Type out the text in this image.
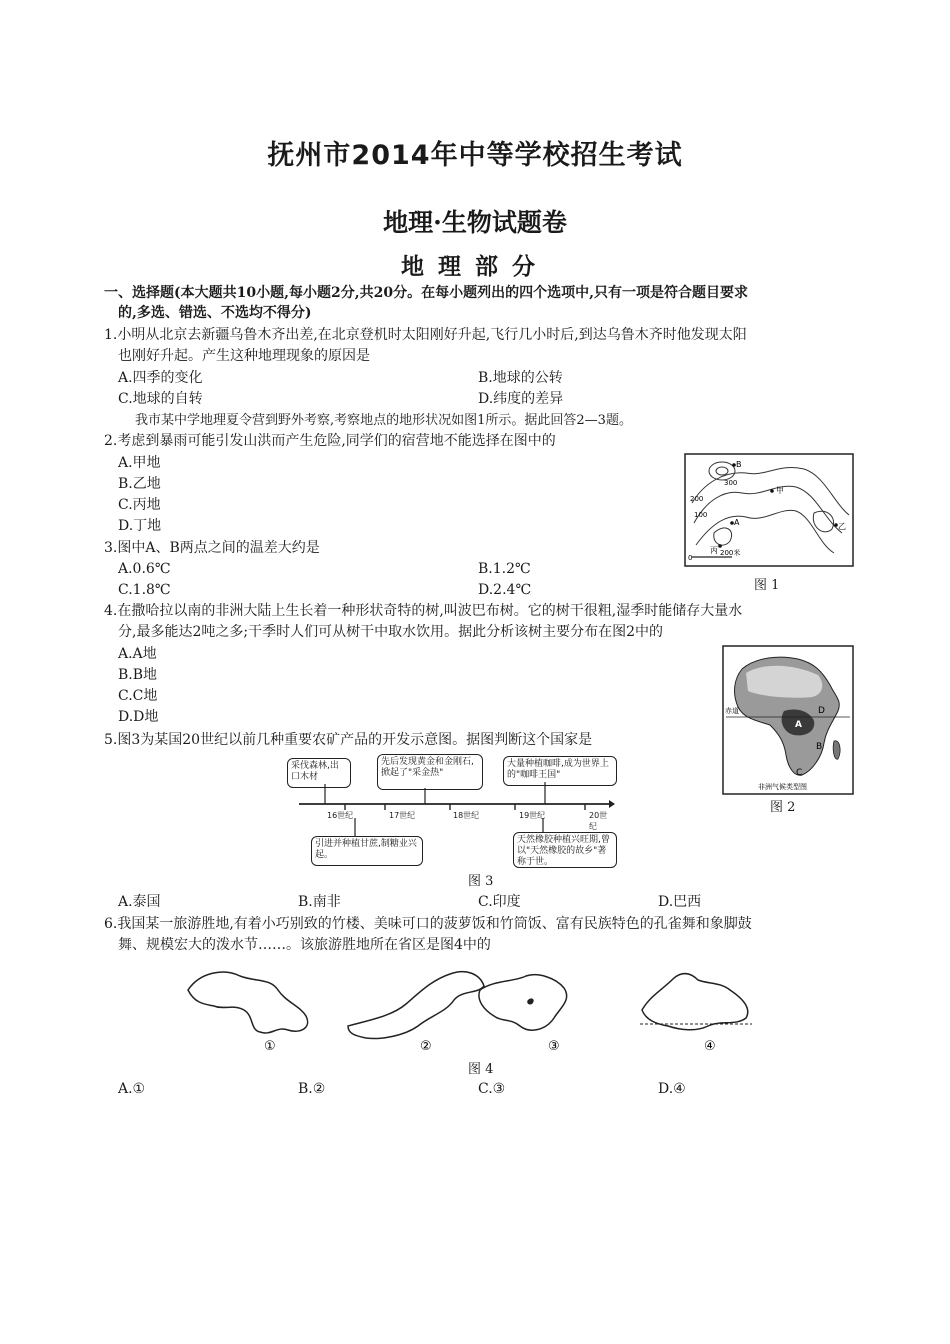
抚州市2014年中等学校招生考试
地理·生物试题卷
地理部分
一、选择题(本大题共10小题,每小题2分,共20分。在每小题列出的四个选项中,只有一项是符合题目要求
的,多选、错选、不选均不得分)
1.小明从北京去新疆乌鲁木齐出差,在北京登机时太阳刚好升起,飞行几小时后,到达乌鲁木齐时他发现太阳
也刚好升起。产生这种地理现象的原因是
A.四季的变化	B.地球的公转
C.地球的自转	D.纬度的差异
我市某中学地理夏令营到野外考察,考察地点的地形状况如图1所示。据此回答2—3题。
2.考虑到暴雨可能引发山洪而产生危险,同学们的宿营地不能选择在图中的
A.甲地
B.乙地
C.丙地
D.丁地
3.图中A、B两点之间的温差大约是
A.0.6℃	B.1.2℃
C.1.8℃	D.2.4℃
B
300
200
100
甲
A	乙
丙
0
200米
图 1
4.在撒哈拉以南的非洲大陆上生长着一种形状奇特的树,叫波巴布树。它的树干很粗,湿季时能储存大量水
分,最多能达2吨之多;干季时人们可从树干中取水饮用。据此分析该树主要分布在图2中的
A.A地
B.B地
C.C地
D.D地	赤道
A
B
C
D
非洲气候类型图
图 2
5.图3为某国20世纪以前几种重要农矿产品的开发示意图。据图判断这个国家是
采伐森林,出口木材
先后发现黄金和金刚石,掀起了"采金热"
大量种植咖啡,成为世界上的"咖啡王国"
16世纪	17世纪	18世纪	19世纪	20世纪
引进并种植甘蔗,制糖业兴起。
天然橡胶种植兴旺期,曾以"天然橡胶的故乡"著称于世。
图 3
A.泰国	B.南非	C.印度	D.巴西
6.我国某一旅游胜地,有着小巧别致的竹楼、美味可口的菠萝饭和竹筒饭、富有民族特色的孔雀舞和象脚鼓
舞、规模宏大的泼水节……。该旅游胜地所在省区是图4中的
①	②	③	④
图 4
A.①	B.②	C.③	D.④
